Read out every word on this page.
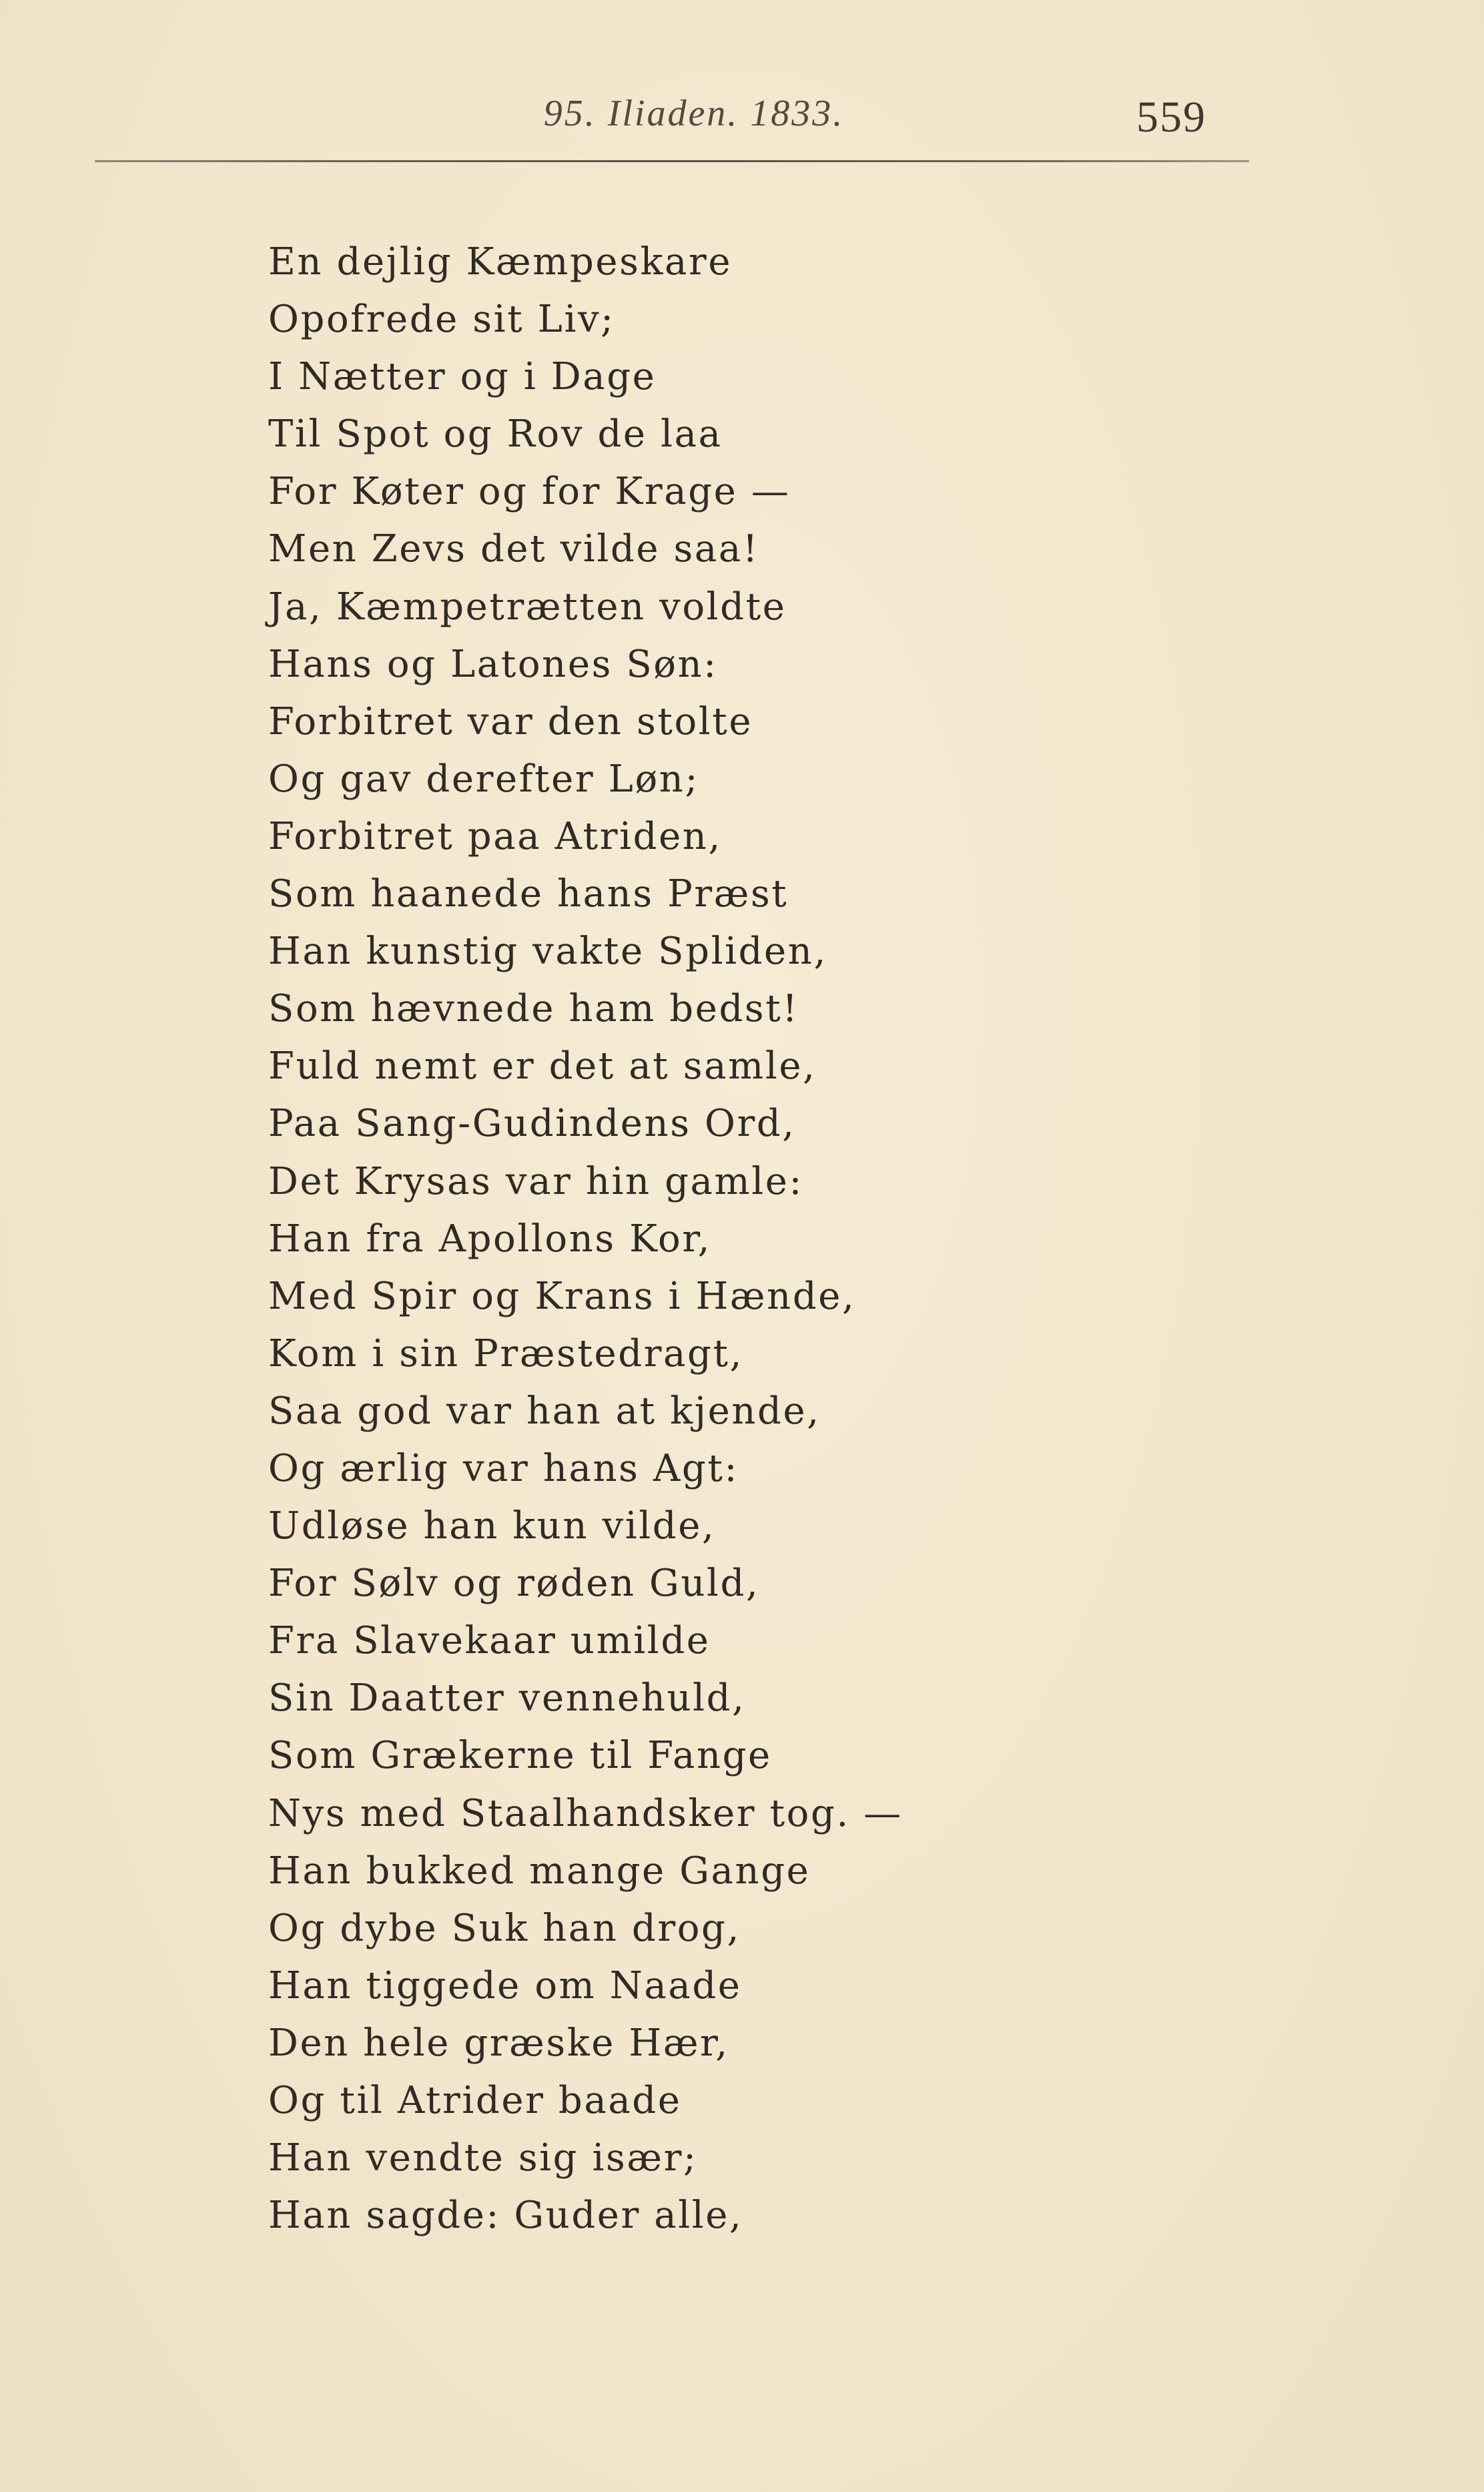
95. Iliaden. 1833.	559
En dejlig Kæmpeskare
Opofrede sit Liv;
I Nætter og i Dage
Til Spot og Rov de laa
For Køter og for Krage —
Men Zevs det vilde saa!
Ja, Kæmpetrætten voldte
Hans og Latones Søn:
Forbitret var den stolte
Og gav derefter Løn;
Forbitret paa Atriden,
Som haanede hans Præst
Han kunstig vakte Spliden,
Som hævnede ham bedst!
Fuld nemt er det at samle,
Paa Sang-Gudindens Ord,
Det Krysas var hin gamle:
Han fra Apollons Kor,
Med Spir og Krans i Hænde,
Kom i sin Præstedragt,
Saa god var han at kjende,
Og ærlig var hans Agt:
Udløse han kun vilde,
For Sølv og røden Guld,
Fra Slavekaar umilde
Sin Daatter vennehuld,
Som Grækerne til Fange
Nys med Staalhandsker tog. —
Han bukked mange Gange
Og dybe Suk han drog,
Han tiggede om Naade
Den hele græske Hær,
Og til Atrider baade
Han vendte sig især;
Han sagde: Guder alle,
